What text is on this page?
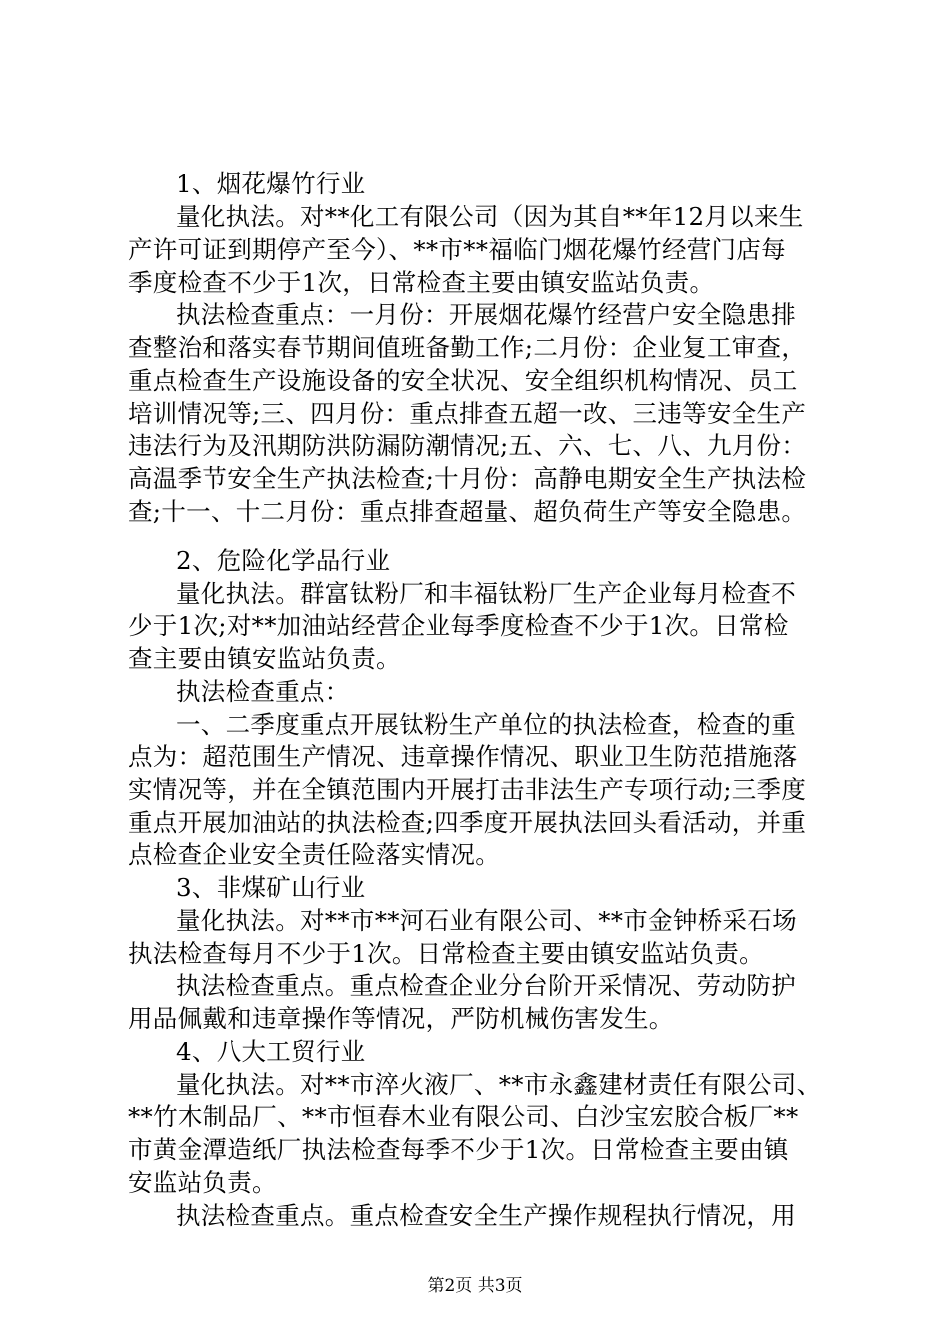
1、烟花爆竹行业
量化执法。对**化工有限公司（因为其自**年12月以来生
产许可证到期停产至今）、**市**福临门烟花爆竹经营门店每
季度检查不少于1次，日常检查主要由镇安监站负责。
执法检查重点：一月份：开展烟花爆竹经营户安全隐患排
查整治和落实春节期间值班备勤工作;二月份：企业复工审查，
重点检查生产设施设备的安全状况、安全组织机构情况、员工
培训情况等;三、四月份：重点排查五超一改、三违等安全生产
违法行为及汛期防洪防漏防潮情况;五、六、七、八、九月份：
高温季节安全生产执法检查;十月份：高静电期安全生产执法检
查;十一、十二月份：重点排查超量、超负荷生产等安全隐患。
2、危险化学品行业
量化执法。群富钛粉厂和丰福钛粉厂生产企业每月检查不
少于1次;对**加油站经营企业每季度检查不少于1次。日常检
查主要由镇安监站负责。
执法检查重点：
一、二季度重点开展钛粉生产单位的执法检查，检查的重
点为：超范围生产情况、违章操作情况、职业卫生防范措施落
实情况等，并在全镇范围内开展打击非法生产专项行动;三季度
重点开展加油站的执法检查;四季度开展执法回头看活动，并重
点检查企业安全责任险落实情况。
3、非煤矿山行业
量化执法。对**市**河石业有限公司、**市金钟桥采石场
执法检查每月不少于1次。日常检查主要由镇安监站负责。
执法检查重点。重点检查企业分台阶开采情况、劳动防护
用品佩戴和违章操作等情况，严防机械伤害发生。
4、八大工贸行业
量化执法。对**市淬火液厂、**市永鑫建材责任有限公司、
**竹木制品厂、**市恒春木业有限公司、白沙宝宏胶合板厂**
市黄金潭造纸厂执法检查每季不少于1次。日常检查主要由镇
安监站负责。
执法检查重点。重点检查安全生产操作规程执行情况，用
第2页 共3页
